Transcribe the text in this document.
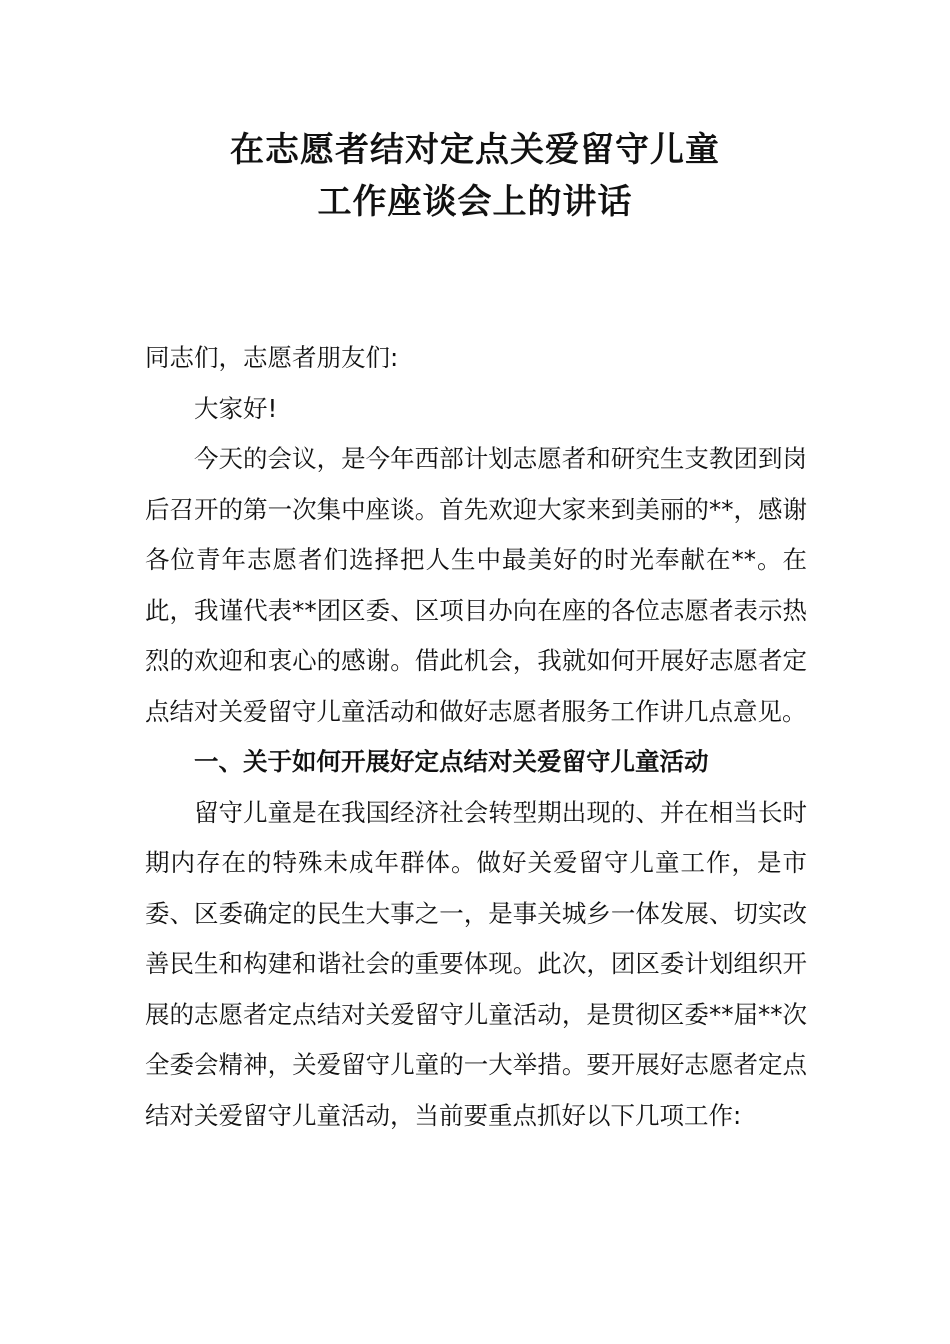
在志愿者结对定点关爱留守儿童
工作座谈会上的讲话

同志们，志愿者朋友们:

大家好!

今天的会议，是今年西部计划志愿者和研究生支教团到岗后召开的第一次集中座谈。首先欢迎大家来到美丽的**，感谢各位青年志愿者们选择把人生中最美好的时光奉献在**。在此，我谨代表**团区委、区项目办向在座的各位志愿者表示热烈的欢迎和衷心的感谢。借此机会，我就如何开展好志愿者定点结对关爱留守儿童活动和做好志愿者服务工作讲几点意见。

一、关于如何开展好定点结对关爱留守儿童活动

留守儿童是在我国经济社会转型期出现的、并在相当长时期内存在的特殊未成年群体。做好关爱留守儿童工作，是市委、区委确定的民生大事之一，是事关城乡一体发展、切实改善民生和构建和谐社会的重要体现。此次，团区委计划组织开展的志愿者定点结对关爱留守儿童活动，是贯彻区委**届**次全委会精神，关爱留守儿童的一大举措。要开展好志愿者定点结对关爱留守儿童活动，当前要重点抓好以下几项工作:
